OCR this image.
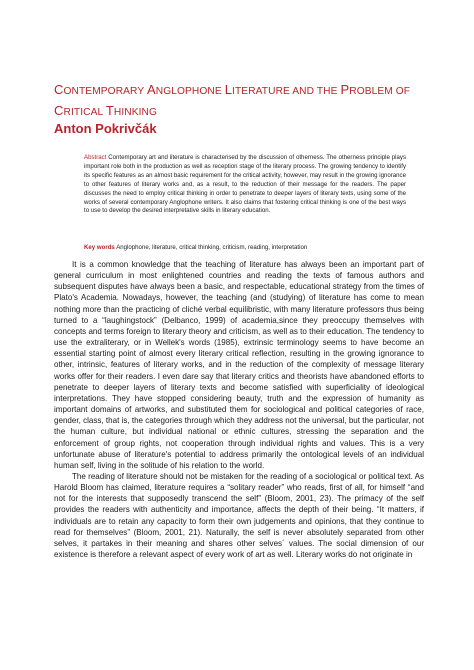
CONTEMPORARY ANGLOPHONE LITERATURE AND THE PROBLEM OF
CRITICAL THINKING
Anton Pokrivčák
Abstract Contemporary art and literature is characterised by the discussion of otherness. The otherness principle plays important role both in the production as well as reception stage of the literary process. The growing tendency to identify its specific features as an almost basic requirement for the critical activity, however, may result in the growing ignorance to other features of literary works and, as a result, to the reduction of their message for the readers. The paper discusses the need to employ critical thinking in order to penetrate to deeper layers of literary texts, using some of the works of several contemporary Anglophone writers. It also claims that fostering critical thinking is one of the best ways to use to develop the desired interpretative skills in literary education.
Key words Anglophone, literature, critical thinking, criticism, reading, interpretation

It is a common knowledge that the teaching of literature has always been an important part of general curriculum in most enlightened countries and reading the texts of famous authors and subsequent disputes have always been a basic, and respectable, educational strategy from the times of Plato's Academia. Nowadays, however, the teaching (and (studying) of literature has come to mean nothing more than the practicing of cliché verbal equilibristic, with many literature professors thus being turned to a “laughingstock” (Delbanco, 1999) of academia,since they preoccupy themselves with concepts and terms foreign to literary theory and criticism, as well as to their education. The tendency to use the extraliterary, or in Wellek's words (1985), extrinsic terminology seems to have become an essential starting point of almost every literary critical reflection, resulting in the growing ignorance to other, intrinsic, features of literary works, and in the reduction of the complexity of message literary works offer for their readers. I even dare say that literary critics and theorists have abandoned efforts to penetrate to deeper layers of literary texts and become satisfied with superficiality of ideological interpretations. They have stopped considering beauty, truth and the expression of humanity as important domains of artworks, and substituted them for sociological and political categories of race, gender, class, that is, the categories through which they address not the universal, but the particular, not the human culture, but individual national or ethnic cultures, stressing the separation and the enforcement of group rights, not cooperation through individual rights and values. This is a very unfortunate abuse of literature's potential to address primarily the ontological levels of an individual human self, living in the solitude of his relation to the world.

The reading of literature should not be mistaken for the reading of a sociological or political text. As Harold Bloom has claimed, literature requires a “solitary reader” who reads, first of all, for himself “and not for the interests that supposedly transcend the self” (Bloom, 2001, 23). The primacy of the self provides the readers with authenticity and importance, affects the depth of their being. “It matters, if individuals are to retain any capacity to form their own judgements and opinions, that they continue to read for themselves” (Bloom, 2001, 21). Naturally, the self is never absolutely separated from other selves, it partakes in their meaning and shares other selves´ values. The social dimension of our existence is therefore a relevant aspect of every work of art as well. Literary works do not originate in
